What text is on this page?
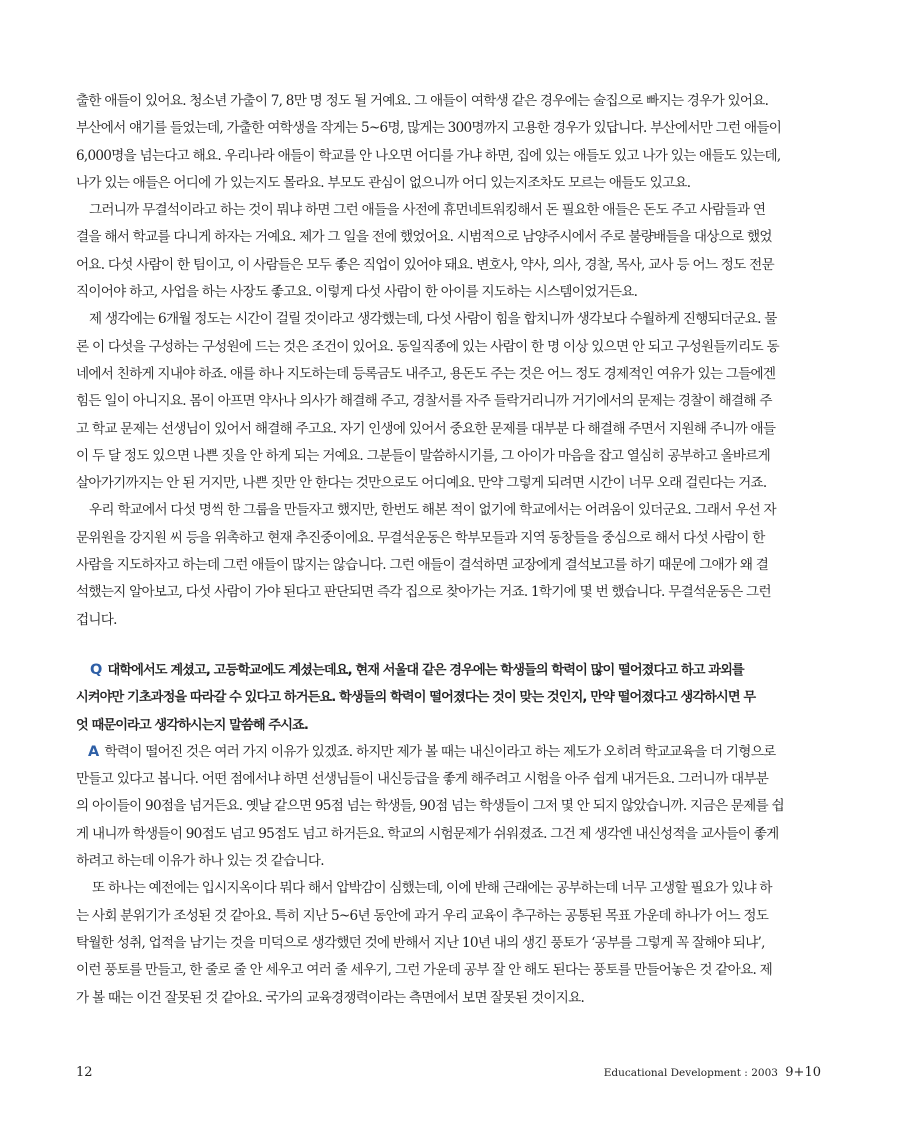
출한 애들이 있어요. 청소년 가출이 7, 8만 명 정도 될 거예요. 그 애들이 여학생 같은 경우에는 술집으로 빠지는 경우가 있어요.
부산에서 얘기를 들었는데, 가출한 여학생을 작게는 5~6명, 많게는 300명까지 고용한 경우가 있답니다. 부산에서만 그런 애들이
6,000명을 넘는다고 해요. 우리나라 애들이 학교를 안 나오면 어디를 가냐 하면, 집에 있는 애들도 있고 나가 있는 애들도 있는데,
나가 있는 애들은 어디에 가 있는지도 몰라요. 부모도 관심이 없으니까 어디 있는지조차도 모르는 애들도 있고요.
그러니까 무결석이라고 하는 것이 뭐냐 하면 그런 애들을 사전에 휴먼네트워킹해서 돈 필요한 애들은 돈도 주고 사람들과 연
결을 해서 학교를 다니게 하자는 거예요. 제가 그 일을 전에 했었어요. 시범적으로 남양주시에서 주로 불량배들을 대상으로 했었
어요. 다섯 사람이 한 팀이고, 이 사람들은 모두 좋은 직업이 있어야 돼요. 변호사, 약사, 의사, 경찰, 목사, 교사 등 어느 정도 전문
직이어야 하고, 사업을 하는 사장도 좋고요. 이렇게 다섯 사람이 한 아이를 지도하는 시스템이었거든요.
제 생각에는 6개월 정도는 시간이 걸릴 것이라고 생각했는데, 다섯 사람이 힘을 합치니까 생각보다 수월하게 진행되더군요. 물
론 이 다섯을 구성하는 구성원에 드는 것은 조건이 있어요. 동일직종에 있는 사람이 한 명 이상 있으면 안 되고 구성원들끼리도 동
네에서 친하게 지내야 하죠. 애를 하나 지도하는데 등록금도 내주고, 용돈도 주는 것은 어느 정도 경제적인 여유가 있는 그들에겐
힘든 일이 아니지요. 몸이 아프면 약사나 의사가 해결해 주고, 경찰서를 자주 들락거리니까 거기에서의 문제는 경찰이 해결해 주
고 학교 문제는 선생님이 있어서 해결해 주고요. 자기 인생에 있어서 중요한 문제를 대부분 다 해결해 주면서 지원해 주니까 애들
이 두 달 정도 있으면 나쁜 짓을 안 하게 되는 거예요. 그분들이 말씀하시기를, 그 아이가 마음을 잡고 열심히 공부하고 올바르게
살아가기까지는 안 된 거지만, 나쁜 짓만 안 한다는 것만으로도 어디예요. 만약 그렇게 되려면 시간이 너무 오래 걸린다는 거죠.
우리 학교에서 다섯 명씩 한 그룹을 만들자고 했지만, 한번도 해본 적이 없기에 학교에서는 어려움이 있더군요. 그래서 우선 자
문위원을 강지원 씨 등을 위촉하고 현재 추진중이에요. 무결석운동은 학부모들과 지역 동창들을 중심으로 해서 다섯 사람이 한
사람을 지도하자고 하는데 그런 애들이 많지는 않습니다. 그런 애들이 결석하면 교장에게 결석보고를 하기 때문에 그애가 왜 결
석했는지 알아보고, 다섯 사람이 가야 된다고 판단되면 즉각 집으로 찾아가는 거죠. 1학기에 몇 번 했습니다. 무결석운동은 그런
겁니다.
Q 대학에서도 계셨고, 고등학교에도 계셨는데요, 현재 서울대 같은 경우에는 학생들의 학력이 많이 떨어졌다고 하고 과외를
시켜야만 기초과정을 따라갈 수 있다고 하거든요. 학생들의 학력이 떨어졌다는 것이 맞는 것인지, 만약 떨어졌다고 생각하시면 무
엇 때문이라고 생각하시는지 말씀해 주시죠.
A 학력이 떨어진 것은 여러 가지 이유가 있겠죠. 하지만 제가 볼 때는 내신이라고 하는 제도가 오히려 학교교육을 더 기형으로
만들고 있다고 봅니다. 어떤 점에서냐 하면 선생님들이 내신등급을 좋게 해주려고 시험을 아주 쉽게 내거든요. 그러니까 대부분
의 아이들이 90점을 넘거든요. 옛날 같으면 95점 넘는 학생들, 90점 넘는 학생들이 그저 몇 안 되지 않았습니까. 지금은 문제를 쉽
게 내니까 학생들이 90점도 넘고 95점도 넘고 하거든요. 학교의 시험문제가 쉬워졌죠. 그건 제 생각엔 내신성적을 교사들이 좋게
하려고 하는데 이유가 하나 있는 것 같습니다.
또 하나는 예전에는 입시지옥이다 뭐다 해서 압박감이 심했는데, 이에 반해 근래에는 공부하는데 너무 고생할 필요가 있냐 하
는 사회 분위기가 조성된 것 같아요. 특히 지난 5~6년 동안에 과거 우리 교육이 추구하는 공통된 목표 가운데 하나가 어느 정도
탁월한 성취, 업적을 남기는 것을 미덕으로 생각했던 것에 반해서 지난 10년 내의 생긴 풍토가 ‘공부를 그렇게 꼭 잘해야 되냐’,
이런 풍토를 만들고, 한 줄로 줄 안 세우고 여러 줄 세우기, 그런 가운데 공부 잘 안 해도 된다는 풍토를 만들어놓은 것 같아요. 제
가 볼 때는 이건 잘못된 것 같아요. 국가의 교육경쟁력이라는 측면에서 보면 잘못된 것이지요.
12	Educational Development : 2003 9+10
